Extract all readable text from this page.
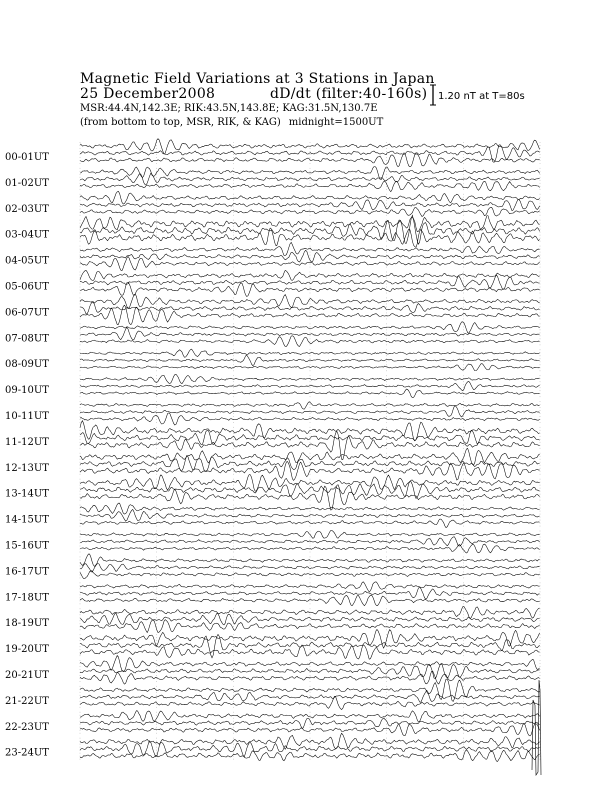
Magnetic Field Variations at 3 Stations in Japan
25 December2008	dD/dt (filter:40-160s)
MSR:44.4N,142.3E; RIK:43.5N,143.8E; KAG:31.5N,130.7E
(from bottom to top, MSR, RIK, & KAG) midnight=1500UT
1.20 nT at T=80s
00-01UT
01-02UT
02-03UT
03-04UT
04-05UT
05-06UT
06-07UT
07-08UT
08-09UT
09-10UT
10-11UT
11-12UT
12-13UT
13-14UT
14-15UT
15-16UT
16-17UT
17-18UT
18-19UT
19-20UT
20-21UT
21-22UT
22-23UT
23-24UT
